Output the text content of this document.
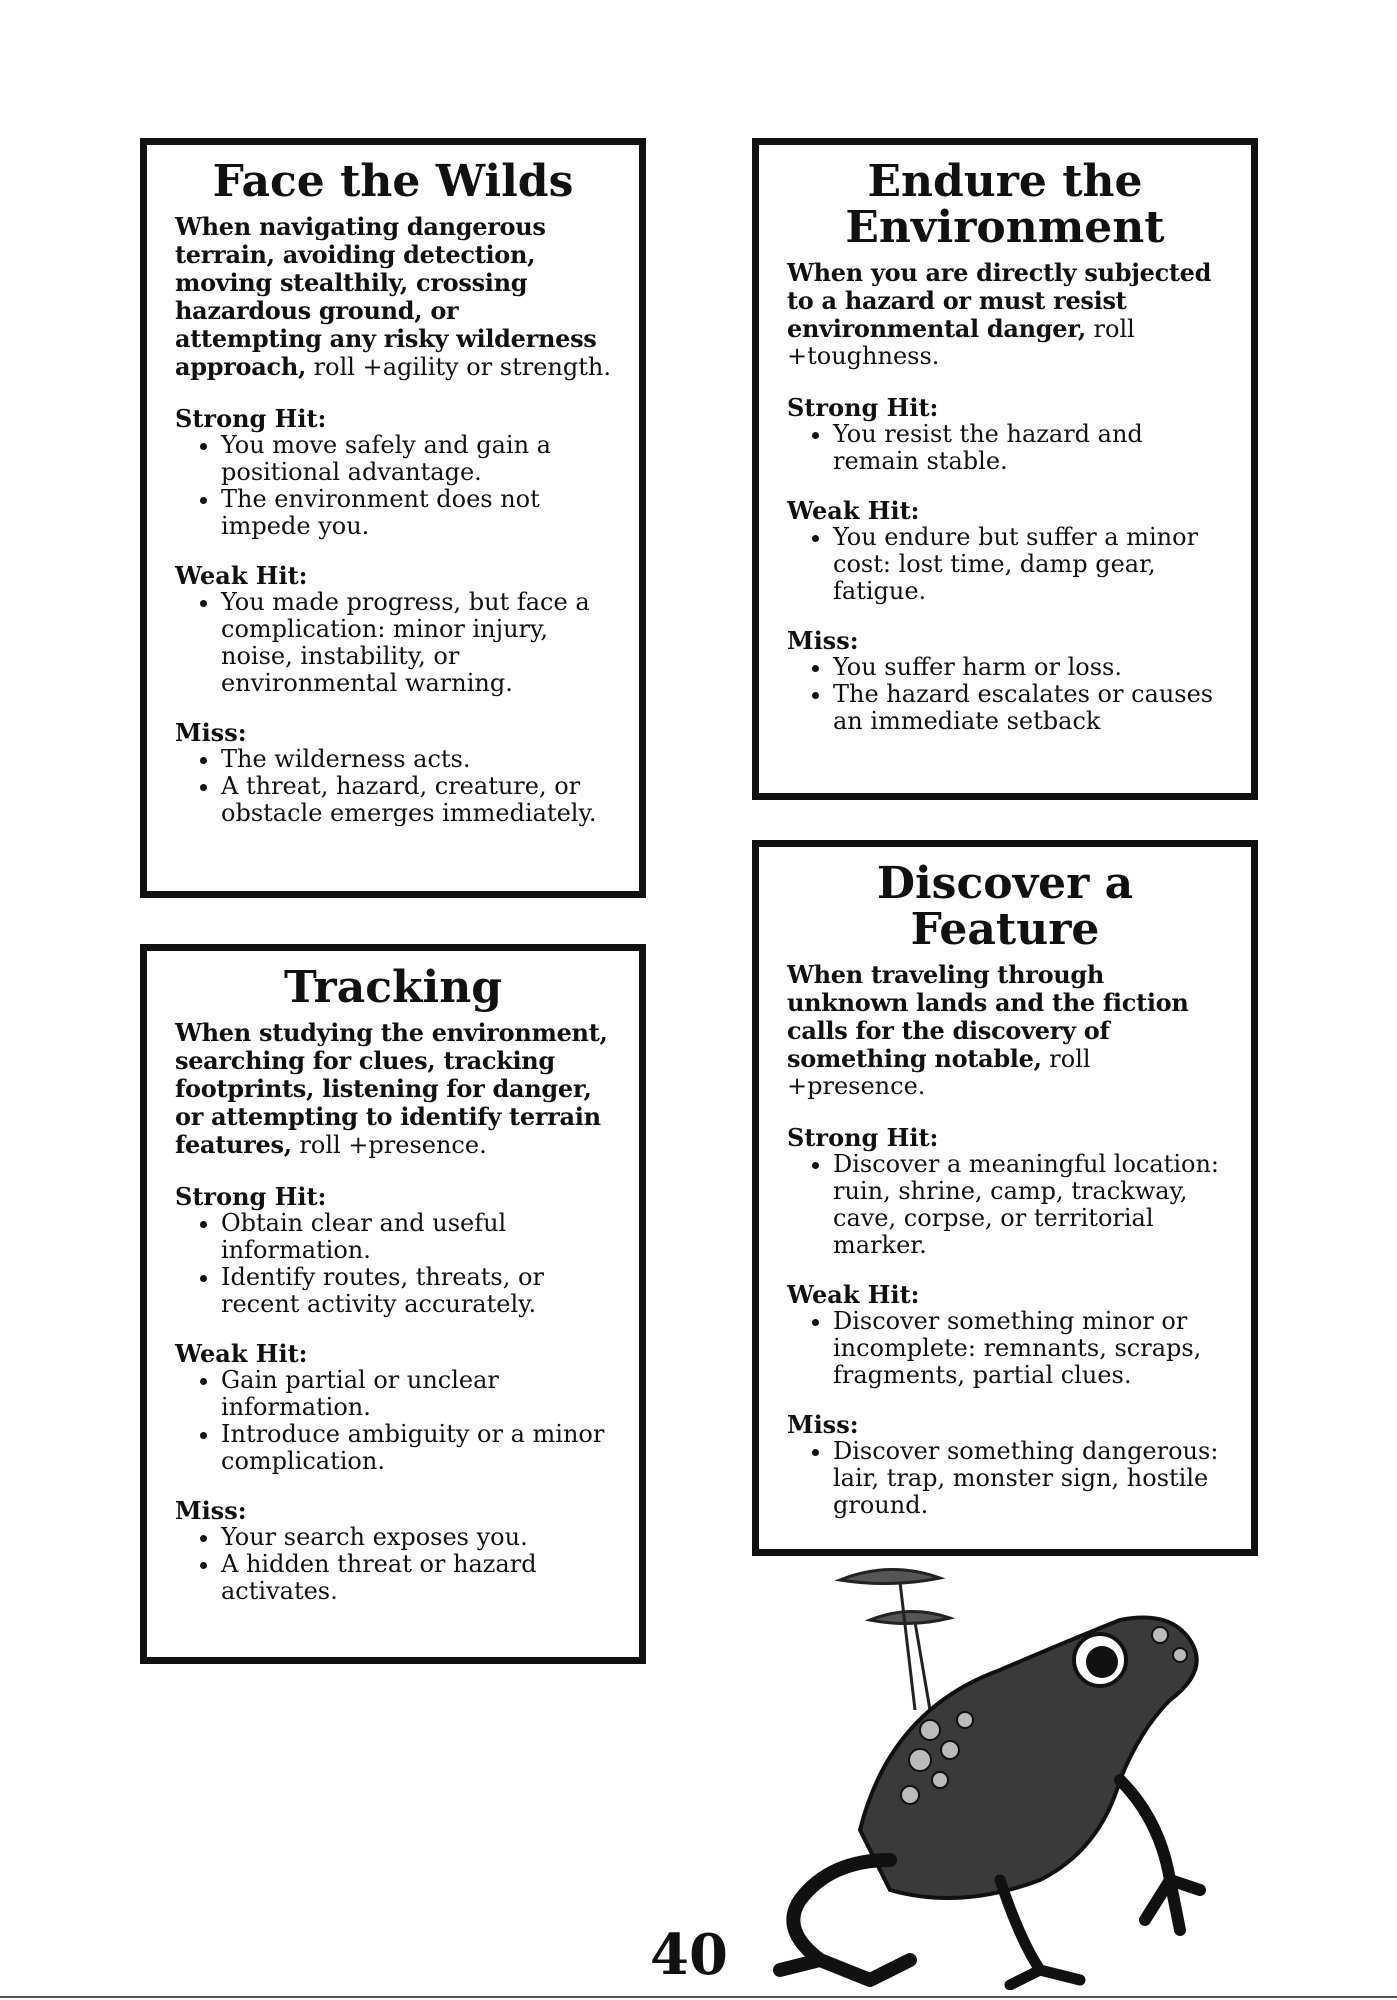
Face the Wilds

When navigating dangerous terrain, avoiding detection, moving stealthily, crossing hazardous ground, or attempting any risky wilderness approach, roll +agility or strength.

Strong Hit:

• You move safely and gain a positional advantage.
• The environment does not impede you.

Weak Hit:

• You made progress, but face a complication: minor injury, noise, instability, or environmental warning.

Miss:

• The wilderness acts.
• A threat, hazard, creature, or obstacle emerges immediately.
Endure the Environment

When you are directly subjected to a hazard or must resist environmental danger, roll +toughness.

Strong Hit:

• You resist the hazard and remain stable.

Weak Hit:

• You endure but suffer a minor cost: lost time, damp gear, fatigue.

Miss:

• You suffer harm or loss.
• The hazard escalates or causes an immediate setback
Tracking

When studying the environment, searching for clues, tracking footprints, listening for danger, or attempting to identify terrain features, roll +presence.

Strong Hit:

• Obtain clear and useful information.
• Identify routes, threats, or recent activity accurately.

Weak Hit:

• Gain partial or unclear information.
• Introduce ambiguity or a minor complication.

Miss:

• Your search exposes you.
• A hidden threat or hazard activates.
Discover a Feature

When traveling through unknown lands and the fiction calls for the discovery of something notable, roll +presence.

Strong Hit:

• Discover a meaningful location: ruin, shrine, camp, trackway, cave, corpse, or territorial marker.

Weak Hit:

• Discover something minor or incomplete: remnants, scraps, fragments, partial clues.

Miss:

• Discover something dangerous: lair, trap, monster sign, hostile ground.
40
